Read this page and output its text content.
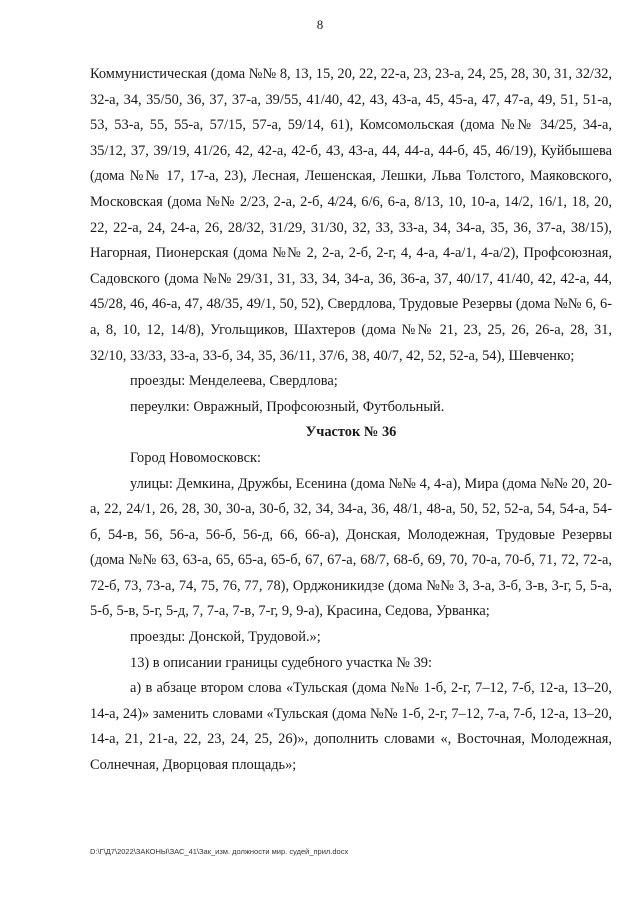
8

Коммунистическая (дома №№ 8, 13, 15, 20, 22, 22-а, 23, 23-а, 24, 25, 28, 30, 31, 32/32, 32-а, 34, 35/50, 36, 37, 37-а, 39/55, 41/40, 42, 43, 43-а, 45, 45-а, 47, 47-а, 49, 51, 51-а, 53, 53-а, 55, 55-а, 57/15, 57-а, 59/14, 61), Комсомольская (дома №№ 34/25, 34-а, 35/12, 37, 39/19, 41/26, 42, 42-а, 42-б, 43, 43-а, 44, 44-а, 44-б, 45, 46/19), Куйбышева (дома №№ 17, 17-а, 23), Лесная, Лешенская, Лешки, Льва Толстого, Маяковского, Московская (дома №№ 2/23, 2-а, 2-б, 4/24, 6/6, 6-а, 8/13, 10, 10-а, 14/2, 16/1, 18, 20, 22, 22-а, 24, 24-а, 26, 28/32, 31/29, 31/30, 32, 33, 33-а, 34, 34-а, 35, 36, 37-а, 38/15), Нагорная, Пионерская (дома №№ 2, 2-а, 2-б, 2-г, 4, 4-а, 4-а/1, 4-а/2), Профсоюзная, Садовского (дома №№ 29/31, 31, 33, 34, 34-а, 36, 36-а, 37, 40/17, 41/40, 42, 42-а, 44, 45/28, 46, 46-а, 47, 48/35, 49/1, 50, 52), Свердлова, Трудовые Резервы (дома №№ 6, 6-а, 8, 10, 12, 14/8), Угольщиков, Шахтеров (дома №№ 21, 23, 25, 26, 26-а, 28, 31, 32/10, 33/33, 33-а, 33-б, 34, 35, 36/11, 37/6, 38, 40/7, 42, 52, 52-а, 54), Шевченко;

проезды: Менделеева, Свердлова;

переулки: Овражный, Профсоюзный, Футбольный.

Участок № 36

Город Новомосковск:

улицы: Демкина, Дружбы, Есенина (дома №№ 4, 4-а), Мира (дома №№ 20, 20-а, 22, 24/1, 26, 28, 30, 30-а, 30-б, 32, 34, 34-а, 36, 48/1, 48-а, 50, 52, 52-а, 54, 54-а, 54-б, 54-в, 56, 56-а, 56-б, 56-д, 66, 66-а), Донская, Молодежная, Трудовые Резервы (дома №№ 63, 63-а, 65, 65-а, 65-б, 67, 67-а, 68/7, 68-б, 69, 70, 70-а, 70-б, 71, 72, 72-а, 72-б, 73, 73-а, 74, 75, 76, 77, 78), Орджоникидзе (дома №№ 3, 3-а, 3-б, 3-в, 3-г, 5, 5-а, 5-б, 5-в, 5-г, 5-д, 7, 7-а, 7-в, 7-г, 9, 9-а), Красина, Седова, Урванка;

проезды: Донской, Трудовой.»;

13) в описании границы судебного участка № 39:

а) в абзаце втором слова «Тульская (дома №№ 1-б, 2-г, 7–12, 7-б, 12-а, 13–20, 14-а, 24)» заменить словами «Тульская (дома №№ 1-б, 2-г, 7–12, 7-а, 7-б, 12-а, 13–20, 14-а, 21, 21-а, 22, 23, 24, 25, 26)», дополнить словами «, Восточная, Молодежная, Солнечная, Дворцовая площадь»;

D:\Г\Д7\2022\ЗАКОНЫ\ЗАС_41\Зак_изм. должности мир. судей_прил.docx
